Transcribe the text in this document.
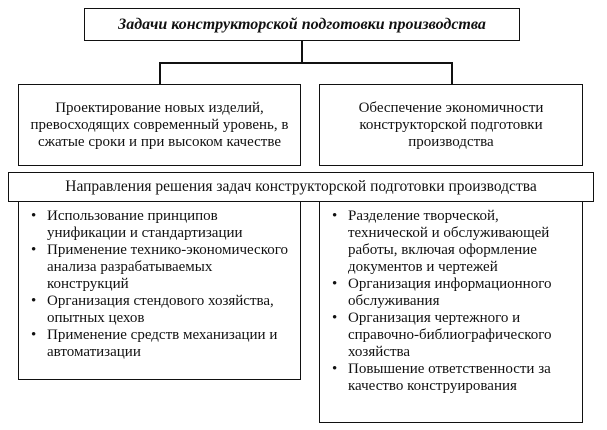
Задачи конструкторской подготовки производства
Проектирование новых изделий, превосходящих современный уровень, в сжатые сроки и при высоком качестве
Обеспечение экономичности конструкторской подготовки производства
Направления решения задач конструкторской подготовки производства
• Использование принципов унификации и стандартизации
• Применение технико-экономического анализа разрабатываемых конструкций
• Организация стендового хозяйства, опытных цехов
• Применение средств механизации и автоматизации
• Разделение творческой, технической и обслуживающей работы, включая оформление документов и чертежей
• Организация информационного обслуживания
• Организация чертежного и справочно-библиографического хозяйства
• Повышение ответственности за качество конструирования
